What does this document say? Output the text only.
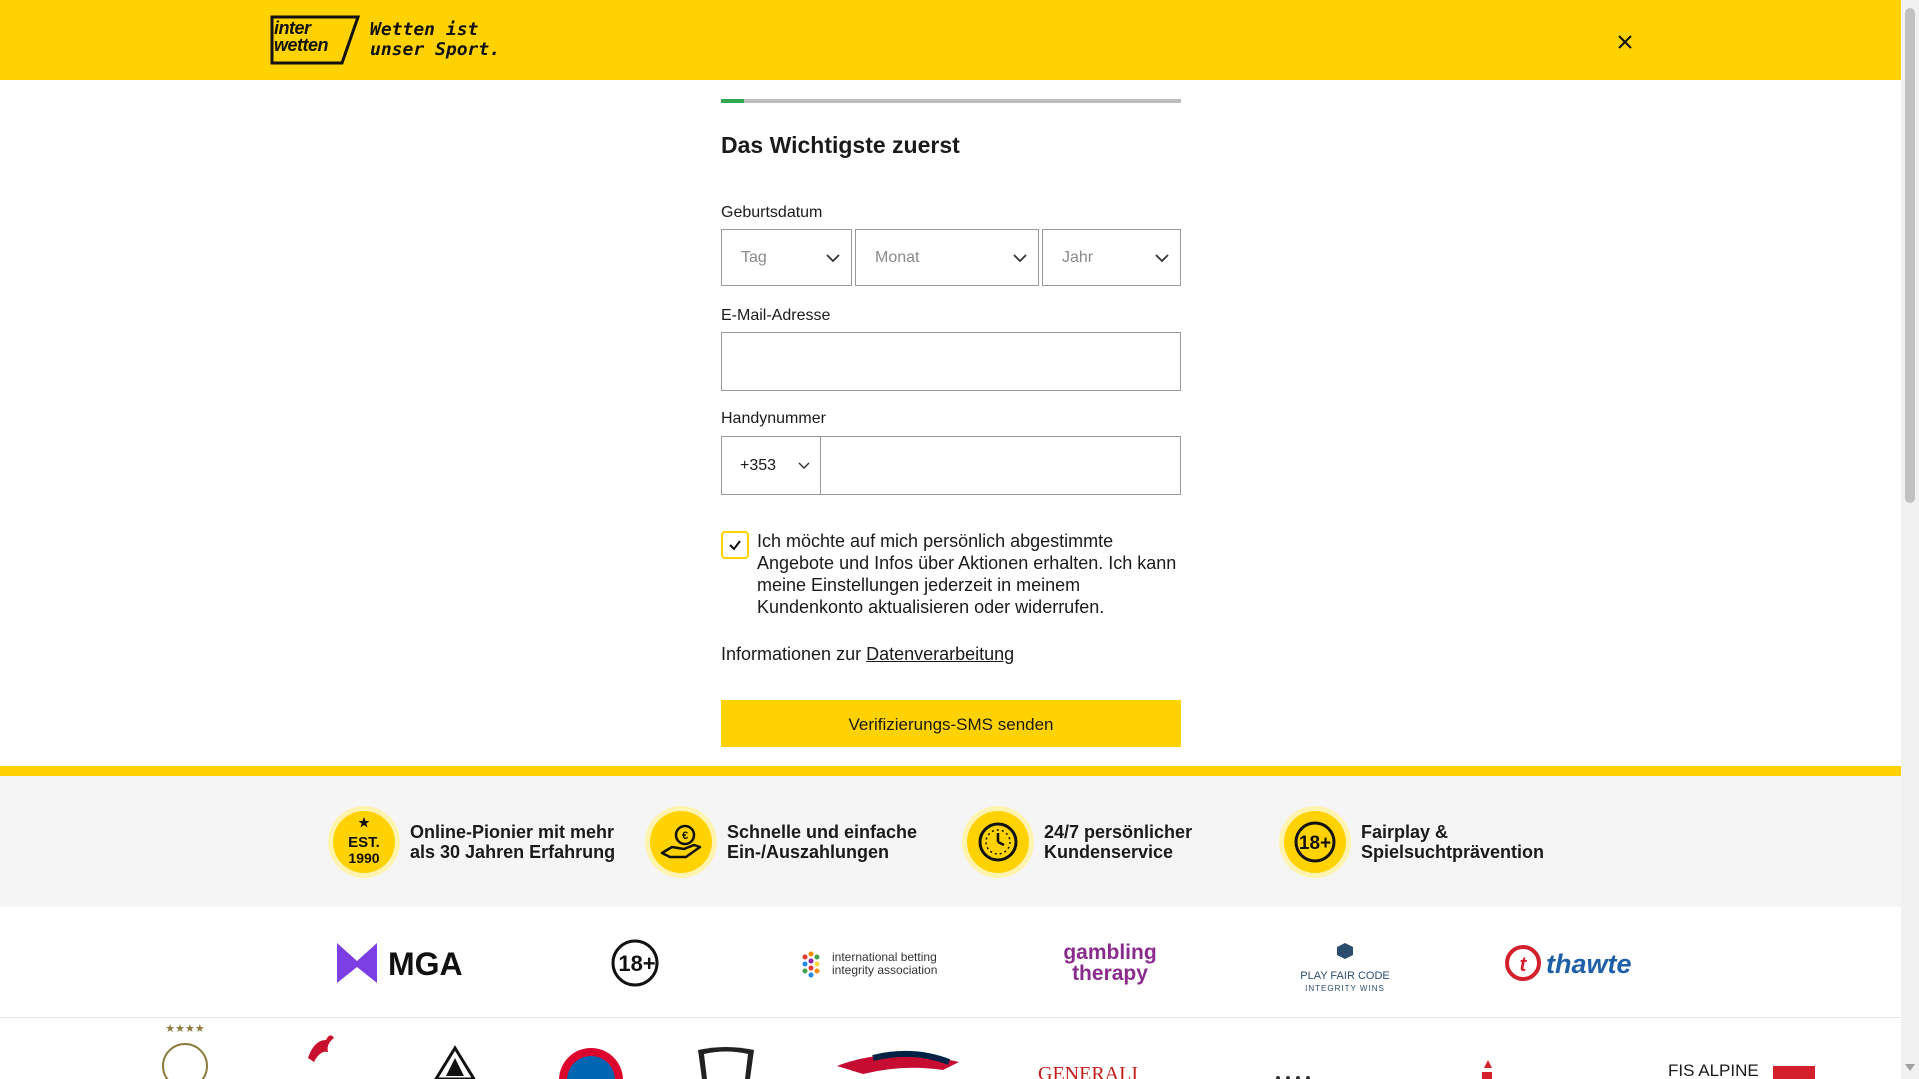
inter
wetten
Wetten ist
unser Sport.
Das Wichtigste zuerst
Geburtsdatum
Tag	Monat	Jahr
E-Mail-Adresse
Handynummer
+353
Ich möchte auf mich persönlich abgestimmte Angebote und Infos über Aktionen erhalten. Ich kann meine Einstellungen jederzeit in meinem Kundenkonto aktualisieren oder widerrufen.
Informationen zur Datenverarbeitung
Verifizierungs-SMS senden
EST.
1990
Online-Pionier mit mehr als 30 Jahren Erfahrung
€ Schnelle und einfache Ein-/Auszahlungen
24/7 persönlicher Kundenservice	18+
Fairplay & Spielsuchtprävention
MGA	18+	international betting
integrity association
gambling
therapy	PLAY FAIR CODE
INTEGRITY WINS
t thawte
★★★★
GENERALI	FIS ALPINE
